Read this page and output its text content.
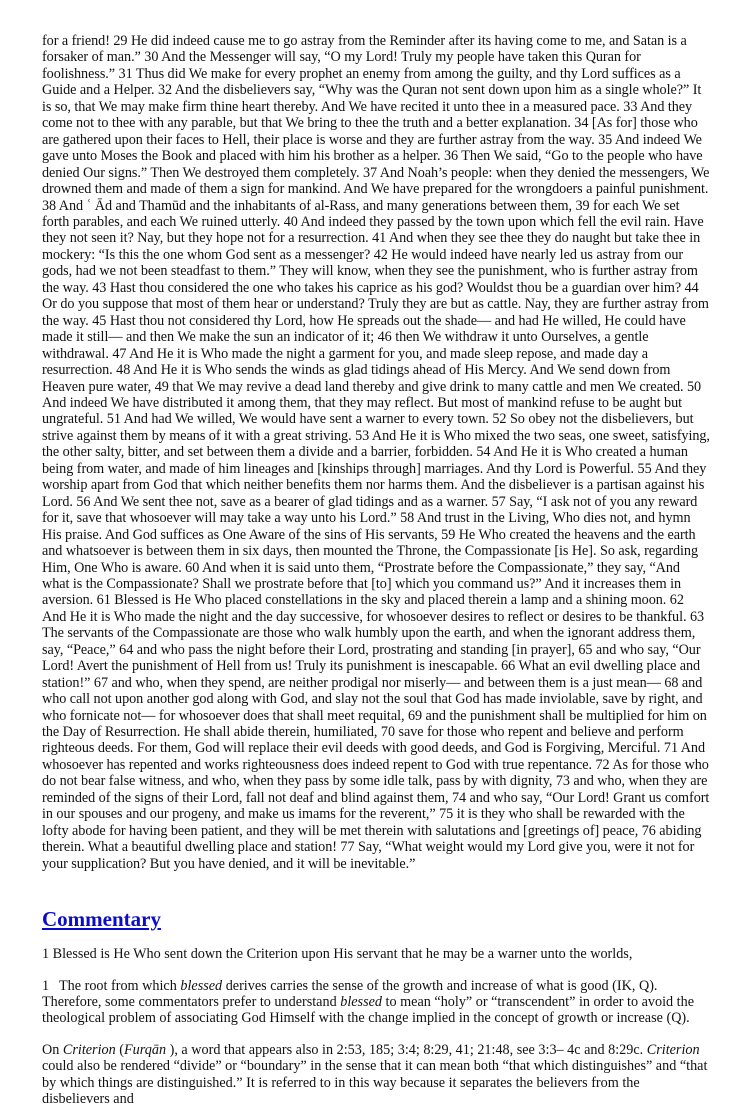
for a friend! 29 He did indeed cause me to go astray from the Reminder after its having come to me, and Satan is a forsaker of man.” 30 And the Messenger will say, “O my Lord! Truly my people have taken this Quran for foolishness.” 31 Thus did We make for every prophet an enemy from among the guilty, and thy Lord suffices as a Guide and a Helper. 32 And the disbelievers say, “Why was the Quran not sent down upon him as a single whole?” It is so, that We may make firm thine heart thereby. And We have recited it unto thee in a measured pace. 33 And they come not to thee with any parable, but that We bring to thee the truth and a better explanation. 34 [As for] those who are gathered upon their faces to Hell, their place is worse and they are further astray from the way. 35 And indeed We gave unto Moses the Book and placed with him his brother as a helper. 36 Then We said, “Go to the people who have denied Our signs.” Then We destroyed them completely. 37 And Noah’s people: when they denied the messengers, We drowned them and made of them a sign for mankind. And We have prepared for the wrongdoers a painful punishment. 38 And ʿ Ād and Thamūd and the inhabitants of al-Rass, and many generations between them, 39 for each We set forth parables, and each We ruined utterly. 40 And indeed they passed by the town upon which fell the evil rain. Have they not seen it? Nay, but they hope not for a resurrection. 41 And when they see thee they do naught but take thee in mockery: “Is this the one whom God sent as a messenger? 42 He would indeed have nearly led us astray from our gods, had we not been steadfast to them.” They will know, when they see the punishment, who is further astray from the way. 43 Hast thou considered the one who takes his caprice as his god? Wouldst thou be a guardian over him? 44 Or do you suppose that most of them hear or understand? Truly they are but as cattle. Nay, they are further astray from the way. 45 Hast thou not considered thy Lord, how He spreads out the shade— and had He willed, He could have made it still— and then We make the sun an indicator of it; 46 then We withdraw it unto Ourselves, a gentle withdrawal. 47 And He it is Who made the night a garment for you, and made sleep repose, and made day a resurrection. 48 And He it is Who sends the winds as glad tidings ahead of His Mercy. And We send down from Heaven pure water, 49 that We may revive a dead land thereby and give drink to many cattle and men We created. 50 And indeed We have distributed it among them, that they may reflect. But most of mankind refuse to be aught but ungrateful. 51 And had We willed, We would have sent a warner to every town. 52 So obey not the disbelievers, but strive against them by means of it with a great striving. 53 And He it is Who mixed the two seas, one sweet, satisfying, the other salty, bitter, and set between them a divide and a barrier, forbidden. 54 And He it is Who created a human being from water, and made of him lineages and [kinships through] marriages. And thy Lord is Powerful. 55 And they worship apart from God that which neither benefits them nor harms them. And the disbeliever is a partisan against his Lord. 56 And We sent thee not, save as a bearer of glad tidings and as a warner. 57 Say, “I ask not of you any reward for it, save that whosoever will may take a way unto his Lord.” 58 And trust in the Living, Who dies not, and hymn His praise. And God suffices as One Aware of the sins of His servants, 59 He Who created the heavens and the earth and whatsoever is between them in six days, then mounted the Throne, the Compassionate [is He]. So ask, regarding Him, One Who is aware. 60 And when it is said unto them, “Prostrate before the Compassionate,” they say, “And what is the Compassionate? Shall we prostrate before that [to] which you command us?” And it increases them in aversion. 61 Blessed is He Who placed constellations in the sky and placed therein a lamp and a shining moon. 62 And He it is Who made the night and the day successive, for whosoever desires to reflect or desires to be thankful. 63 The servants of the Compassionate are those who walk humbly upon the earth, and when the ignorant address them, say, “Peace,” 64 and who pass the night before their Lord, prostrating and standing [in prayer], 65 and who say, “Our Lord! Avert the punishment of Hell from us! Truly its punishment is inescapable. 66 What an evil dwelling place and station!” 67 and who, when they spend, are neither prodigal nor miserly— and between them is a just mean— 68 and who call not upon another god along with God, and slay not the soul that God has made inviolable, save by right, and who fornicate not— for whosoever does that shall meet requital, 69 and the punishment shall be multiplied for him on the Day of Resurrection. He shall abide therein, humiliated, 70 save for those who repent and believe and perform righteous deeds. For them, God will replace their evil deeds with good deeds, and God is Forgiving, Merciful. 71 And whosoever has repented and works righteousness does indeed repent to God with true repentance. 72 As for those who do not bear false witness, and who, when they pass by some idle talk, pass by with dignity, 73 and who, when they are reminded of the signs of their Lord, fall not deaf and blind against them, 74 and who say, “Our Lord! Grant us comfort in our spouses and our progeny, and make us imams for the reverent,” 75 it is they who shall be rewarded with the lofty abode for having been patient, and they will be met therein with salutations and [greetings of] peace, 76 abiding therein. What a beautiful dwelling place and station! 77 Say, “What weight would my Lord give you, were it not for your supplication? But you have denied, and it will be inevitable.”

Commentary

1 Blessed is He Who sent down the Criterion upon His servant that he may be a warner unto the worlds,

1 The root from which blessed derives carries the sense of the growth and increase of what is good (IK, Q). Therefore, some commentators prefer to understand blessed to mean “holy” or “transcendent” in order to avoid the theological problem of associating God Himself with the change implied in the concept of growth or increase (Q).

On Criterion (Furqān ), a word that appears also in 2:53, 185; 3:4; 8:29, 41; 21:48, see 3:3– 4c and 8:29c. Criterion could also be rendered “divide” or “boundary” in the sense that it can mean both “that which distinguishes” and “that by which things are distinguished.” It is referred to in this way because it separates the believers from the disbelievers and
